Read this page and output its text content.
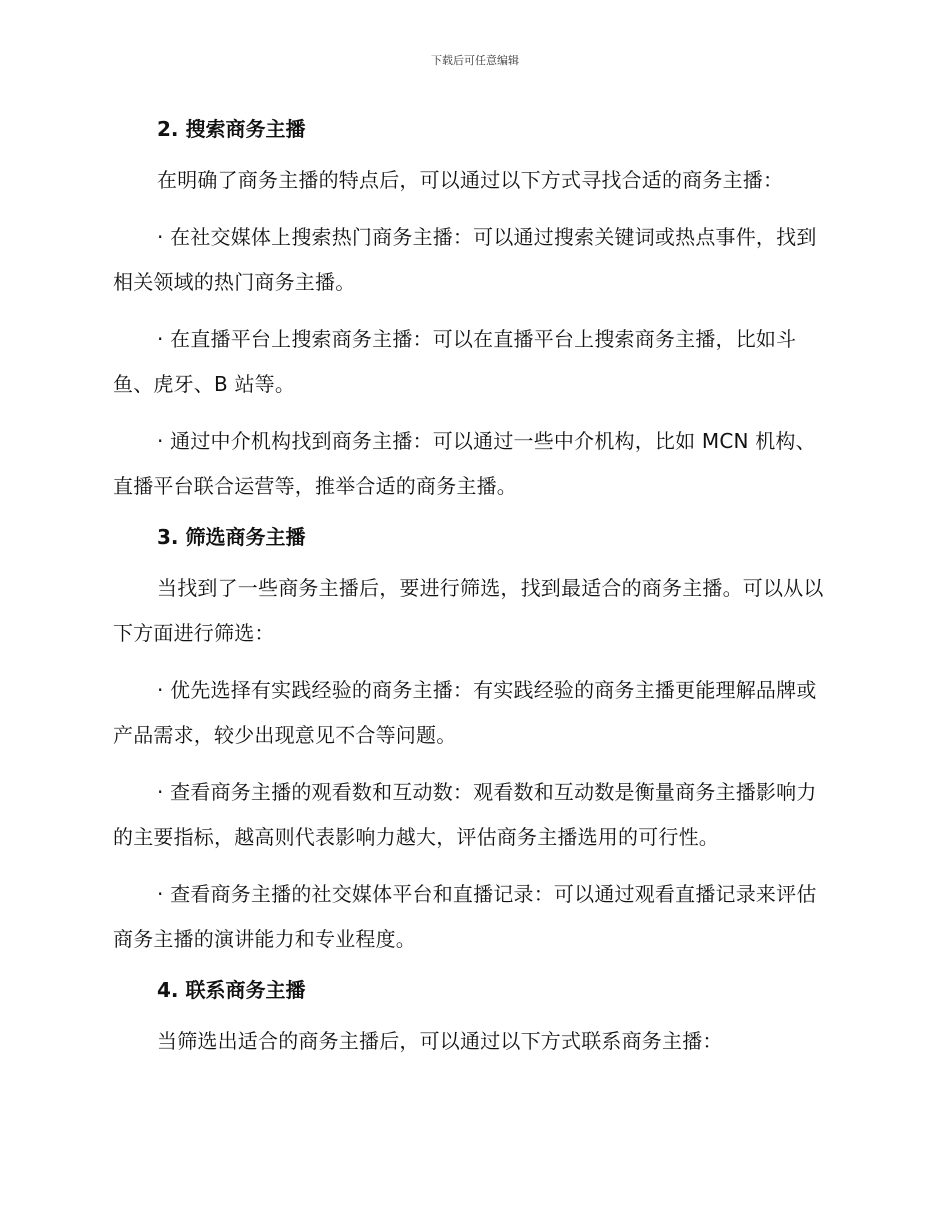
下载后可任意编辑
2. 搜索商务主播

在明确了商务主播的特点后，可以通过以下方式寻找合适的商务主播：

· 在社交媒体上搜索热门商务主播：可以通过搜索关键词或热点事件，找到相关领域的热门商务主播。

· 在直播平台上搜索商务主播：可以在直播平台上搜索商务主播，比如斗鱼、虎牙、B 站等。

· 通过中介机构找到商务主播：可以通过一些中介机构，比如 MCN 机构、直播平台联合运营等，推举合适的商务主播。

3. 筛选商务主播

当找到了一些商务主播后，要进行筛选，找到最适合的商务主播。可以从以下方面进行筛选：

· 优先选择有实践经验的商务主播：有实践经验的商务主播更能理解品牌或产品需求，较少出现意见不合等问题。

· 查看商务主播的观看数和互动数：观看数和互动数是衡量商务主播影响力的主要指标，越高则代表影响力越大，评估商务主播选用的可行性。

· 查看商务主播的社交媒体平台和直播记录：可以通过观看直播记录来评估商务主播的演讲能力和专业程度。

4. 联系商务主播

当筛选出适合的商务主播后，可以通过以下方式联系商务主播：
